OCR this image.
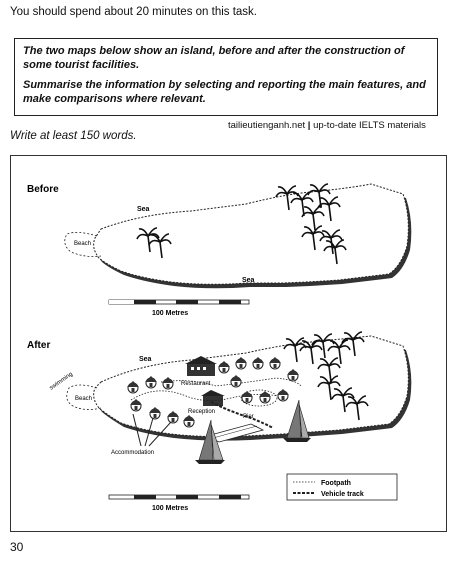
You should spend about 20 minutes on this task.

The two maps below show an island, before and after the construction of some tourist facilities.

Summarise the information by selecting and reporting the main features, and make comparisons where relevant.

tailieutienganh.net | up-to-date IELTS materials
Write at least 150 words.
Before
Beach
Sea
Sea
100 Metres
After
Beach
swimming
Sea
Restaurant
Reception
Pier
Accommodation
Footpath
Vehicle track
100 Metres
30
